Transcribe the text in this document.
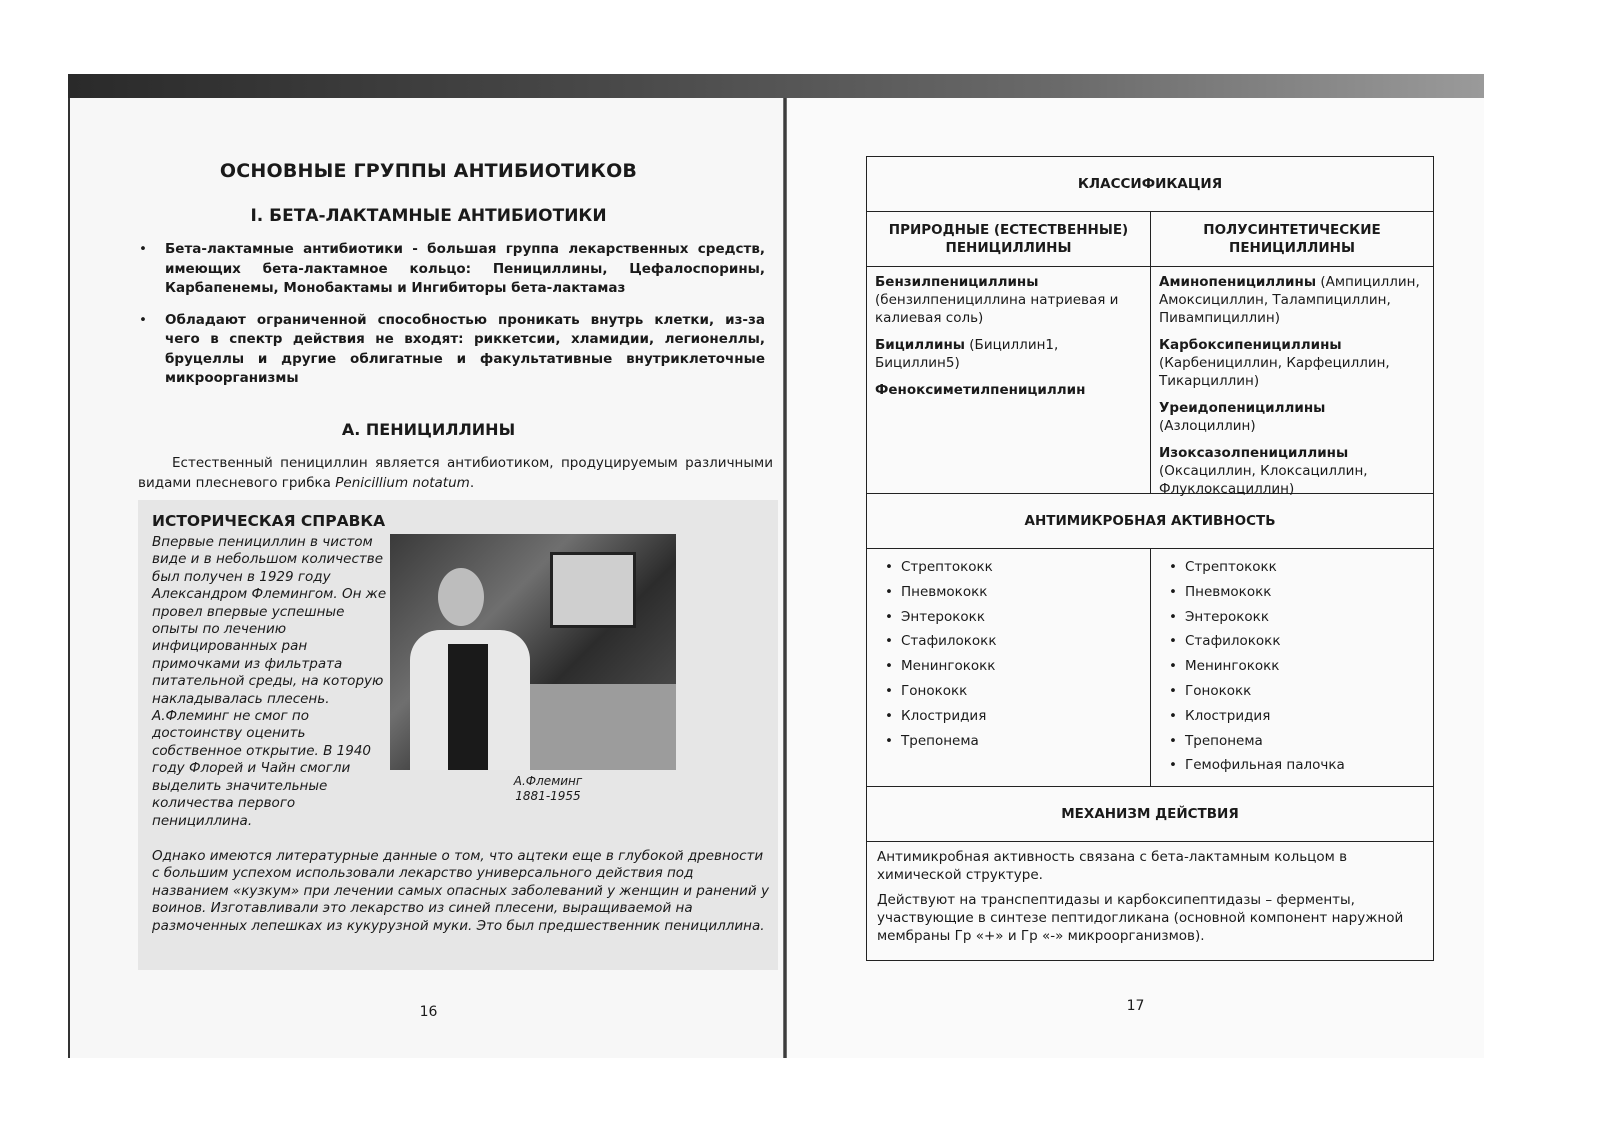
ОСНОВНЫЕ ГРУППЫ АНТИБИОТИКОВ
I. БЕТА-ЛАКТАМНЫЕ АНТИБИОТИКИ
• Бета-лактамные антибиотики - большая группа лекарственных средств, имеющих бета-лактамное кольцо: Пенициллины, Цефалоспорины, Карбапенемы, Монобактамы и Ингибиторы бета-лактамаз
• Обладают ограниченной способностью проникать внутрь клетки, из-за чего в спектр действия не входят: риккетсии, хламидии, легионеллы, бруцеллы и другие облигатные и факультативные внутриклеточные микроорганизмы
А. ПЕНИЦИЛЛИНЫ
Естественный пенициллин является антибиотиком, продуцируемым различными видами плесневого грибка Penicillium notatum.
ИСТОРИЧЕСКАЯ СПРАВКА
Впервые пенициллин в чистом виде и в небольшом количестве был получен в 1929 году Александром Флемингом. Он же провел впервые успешные опыты по лечению инфицированных ран примочками из фильтрата питательной среды, на которую накладывалась плесень. А.Флеминг не смог по достоинству оценить собственное открытие. В 1940 году Флорей и Чайн смогли выделить значительные количества первого пенициллина.
А.Флеминг
1881-1955
Однако имеются литературные данные о том, что ацтеки еще в глубокой древности с большим успехом использовали лекарство универсального действия под названием «кузкум» при лечении самых опасных заболеваний у женщин и ранений у воинов. Изготавливали это лекарство из синей плесени, выращиваемой на размоченных лепешках из кукурузной муки. Это был предшественник пенициллина.
16
КЛАССИФИКАЦИЯ
ПРИРОДНЫЕ (ЕСТЕСТВЕННЫЕ) ПЕНИЦИЛЛИНЫ
ПОЛУСИНТЕТИЧЕСКИЕ ПЕНИЦИЛЛИНЫ
Бензилпенициллины (бензилпенициллина натриевая и калиевая соль)
Бициллины (Бициллин1, Бициллин5)
Феноксиметилпенициллин
Аминопенициллины (Ампициллин, Амоксициллин, Талампициллин, Пивампициллин)
Карбоксипенициллины (Карбенициллин, Карфециллин, Тикарциллин)
Уреидопенициллины (Азлоциллин)
Изоксазолпенициллины (Оксациллин, Клоксациллин, Флуклоксациллин)
АНТИМИКРОБНАЯ АКТИВНОСТЬ
• Стрептококк
• Пневмококк
• Энтерококк
• Стафилококк
• Менингококк
• Гонококк
• Клостридия
• Трепонема
• Стрептококк
• Пневмококк
• Энтерококк
• Стафилококк
• Менингококк
• Гонококк
• Клостридия
• Трепонема
• Гемофильная палочка
МЕХАНИЗМ ДЕЙСТВИЯ

Антимикробная активность связана с бета-лактамным кольцом в химической структуре.

Действуют на транспептидазы и карбоксипептидазы – ферменты, участвующие в синтезе пептидогликана (основной компонент наружной мембраны Гр «+» и Гр «-» микроорганизмов).

17
